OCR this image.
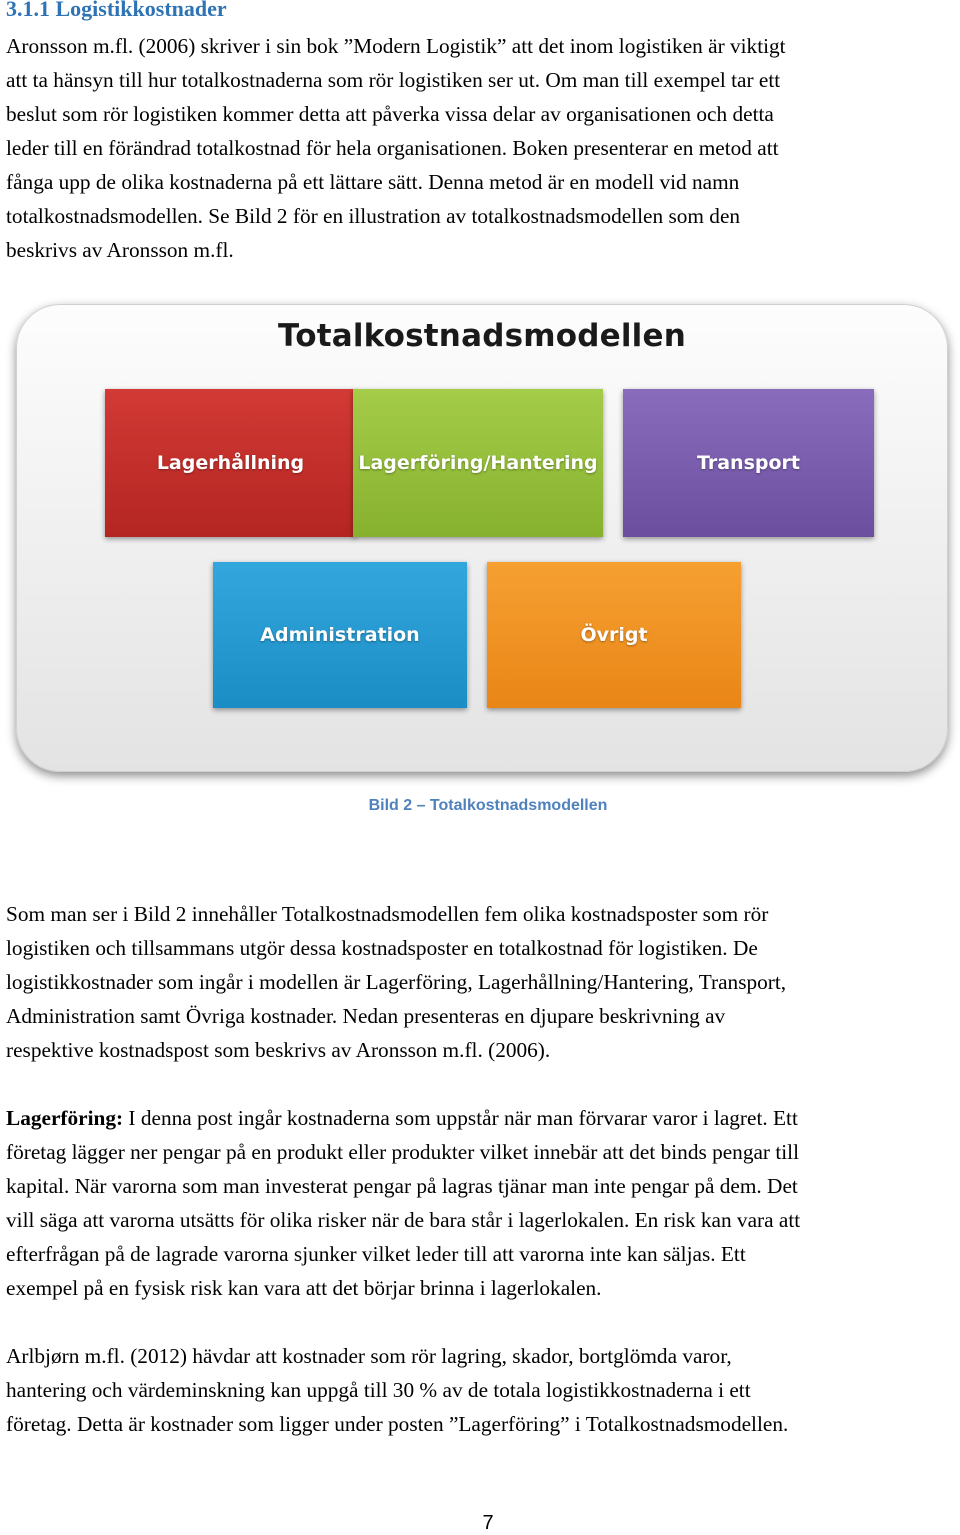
3.1.1 Logistikkostnader

Aronsson m.fl. (2006) skriver i sin bok ”Modern Logistik” att det inom logistiken är viktigt
att ta hänsyn till hur totalkostnaderna som rör logistiken ser ut. Om man till exempel tar ett
beslut som rör logistiken kommer detta att påverka vissa delar av organisationen och detta
leder till en förändrad totalkostnad för hela organisationen. Boken presenterar en metod att
fånga upp de olika kostnaderna på ett lättare sätt. Denna metod är en modell vid namn
totalkostnadsmodellen. Se Bild 2 för en illustration av totalkostnadsmodellen som den
beskrivs av Aronsson m.fl.

Totalkostnadsmodellen
Lagerhållning	Lagerföring/Hantering	Transport
Administration	Övrigt
Bild 2 – Totalkostnadsmodellen

Som man ser i Bild 2 innehåller Totalkostnadsmodellen fem olika kostnadsposter som rör
logistiken och tillsammans utgör dessa kostnadsposter en totalkostnad för logistiken. De
logistikkostnader som ingår i modellen är Lagerföring, Lagerhållning/Hantering, Transport,
Administration samt Övriga kostnader. Nedan presenteras en djupare beskrivning av
respektive kostnadspost som beskrivs av Aronsson m.fl. (2006).

Lagerföring: I denna post ingår kostnaderna som uppstår när man förvarar varor i lagret. Ett
företag lägger ner pengar på en produkt eller produkter vilket innebär att det binds pengar till
kapital. När varorna som man investerat pengar på lagras tjänar man inte pengar på dem. Det
vill säga att varorna utsätts för olika risker när de bara står i lagerlokalen. En risk kan vara att
efterfrågan på de lagrade varorna sjunker vilket leder till att varorna inte kan säljas. Ett
exempel på en fysisk risk kan vara att det börjar brinna i lagerlokalen.

Arlbjørn m.fl. (2012) hävdar att kostnader som rör lagring, skador, bortglömda varor,
hantering och värdeminskning kan uppgå till 30 % av de totala logistikkostnaderna i ett
företag. Detta är kostnader som ligger under posten ”Lagerföring” i Totalkostnadsmodellen.

7
